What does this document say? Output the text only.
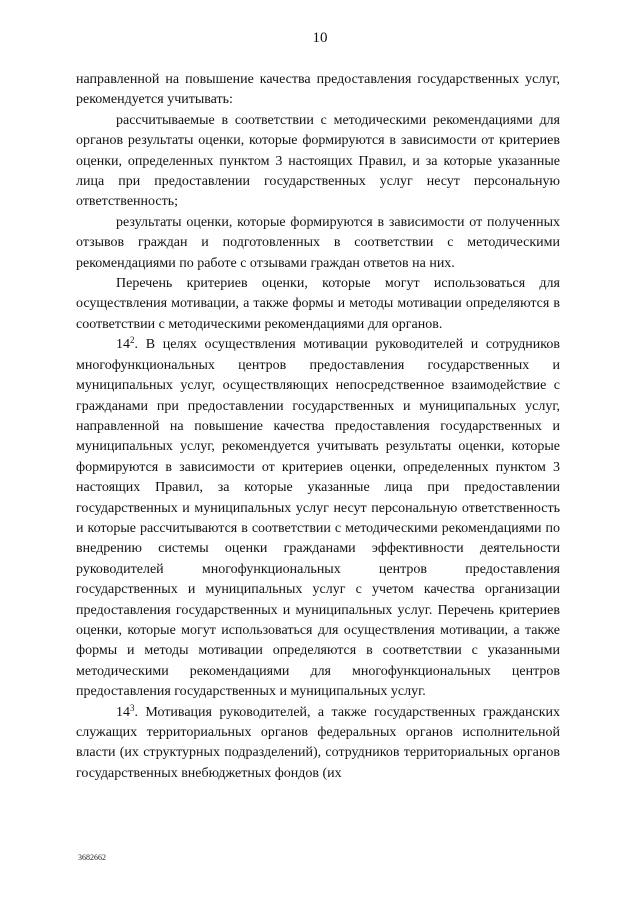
10

направленной на повышение качества предоставления государственных услуг, рекомендуется учитывать:

рассчитываемые в соответствии с методическими рекомендациями для органов результаты оценки, которые формируются в зависимости от критериев оценки, определенных пунктом 3 настоящих Правил, и за которые указанные лица при предоставлении государственных услуг несут персональную ответственность;

результаты оценки, которые формируются в зависимости от полученных отзывов граждан и подготовленных в соответствии с методическими рекомендациями по работе с отзывами граждан ответов на них.

Перечень критериев оценки, которые могут использоваться для осуществления мотивации, а также формы и методы мотивации определяются в соответствии с методическими рекомендациями для органов.

$14^2$. В целях осуществления мотивации руководителей и сотрудников многофункциональных центров предоставления государственных и муниципальных услуг, осуществляющих непосредственное взаимодействие с гражданами при предоставлении государственных и муниципальных услуг, направленной на повышение качества предоставления государственных и муниципальных услуг, рекомендуется учитывать результаты оценки, которые формируются в зависимости от критериев оценки, определенных пунктом 3 настоящих Правил, за которые указанные лица при предоставлении государственных и муниципальных услуг несут персональную ответственность и которые рассчитываются в соответствии с методическими рекомендациями по внедрению системы оценки гражданами эффективности деятельности руководителей многофункциональных центров предоставления государственных и муниципальных услуг с учетом качества организации предоставления государственных и муниципальных услуг. Перечень критериев оценки, которые могут использоваться для осуществления мотивации, а также формы и методы мотивации определяются в соответствии с указанными методическими рекомендациями для многофункциональных центров предоставления государственных и муниципальных услуг.

$14^3$. Мотивация руководителей, а также государственных гражданских служащих территориальных органов федеральных органов исполнительной власти (их структурных подразделений), сотрудников территориальных органов государственных внебюджетных фондов (их

3682662
